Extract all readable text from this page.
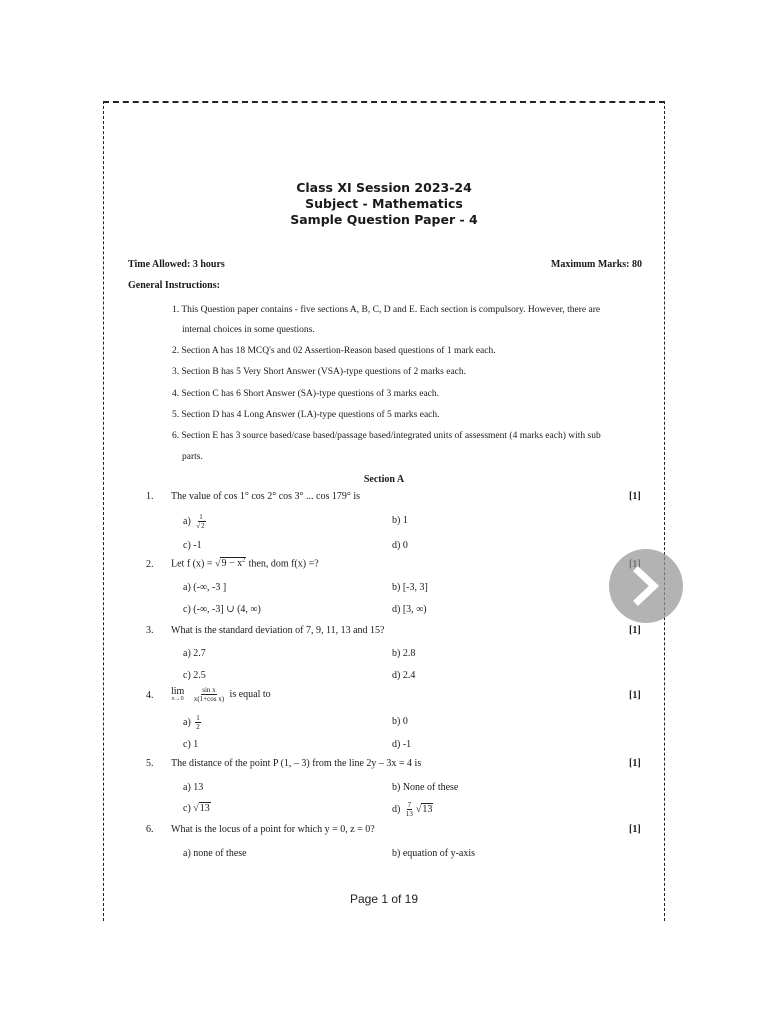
Class XI Session 2023-24
Subject - Mathematics
Sample Question Paper - 4
Time Allowed: 3 hours	Maximum Marks: 80
General Instructions:
1. This Question paper contains - five sections A, B, C, D and E. Each section is compulsory. However, there are
internal choices in some questions.
2. Section A has 18 MCQ's and 02 Assertion-Reason based questions of 1 mark each.
3. Section B has 5 Very Short Answer (VSA)-type questions of 2 marks each.
4. Section C has 6 Short Answer (SA)-type questions of 3 marks each.
5. Section D has 4 Long Answer (LA)-type questions of 5 marks each.
6. Section E has 3 source based/case based/passage based/integrated units of assessment (4 marks each) with sub
parts.
Section A
1. The value of cos 1° cos 2° cos 3° ... cos 179° is	[1]
$a) \frac{1}{√2}$	b) 1
c) -1	d) 0
2. Let f $(x) = √9 - x^2$ then, dom f(x) =?
a) (-∞, -3 ]	b) [-3, 3]
c) (-∞, -3] ∪ (4, ∞)	d) [3, ∞)
3. What is the standard deviation of 7, 9, 11, 13 and 15?	[1]
a) 2.7	b) 2.8
c) 2.5	d) 2.4
4. lim
x→0
$\frac{\text{sin x}}{\text{x(1+cos x)}}$ is equal to	[1]
$a) \frac{1}{2}$	b) 0
c) 1	d) -1
5. The distance of the point P (1, – 3) from the line 2y – 3x = 4 is	[1]
a) 13	b) None of these
c) √13	$d) \frac{7}{13} √13$
6. What is the locus of a point for which y = 0, z = 0?	[1]
a) none of these	b) equation of y-axis
Page 1 of 19
